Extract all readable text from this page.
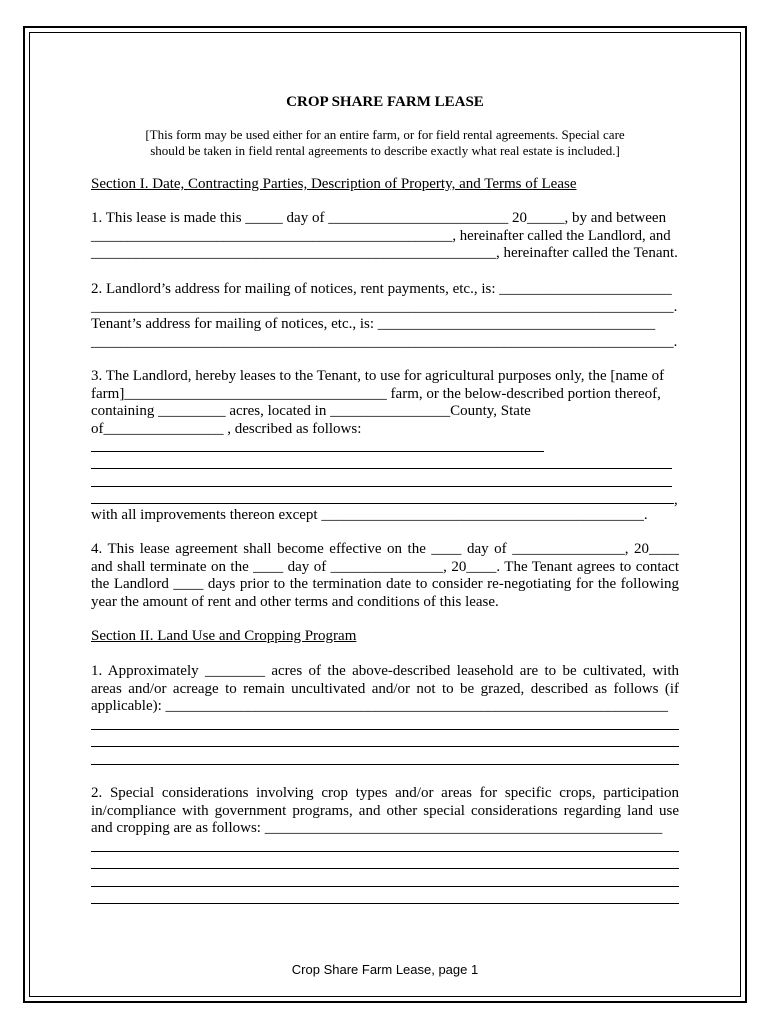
CROP SHARE FARM LEASE
[This form may be used either for an entire farm, or for field rental agreements. Special care
should be taken in field rental agreements to describe exactly what real estate is included.]
Section I. Date, Contracting Parties, Description of Property, and Terms of Lease
1. This lease is made this _____ day of ________________________ 20_____, by and between
_________________________________________________, hereinafter called the Landlord, and
______________________________________________________, hereinafter called the Tenant.
2. Landlord’s address for mailing of notices, rent payments, etc., is: _______________________
_______________________________________________________________________________.
Tenant’s address for mailing of notices, etc., is: _____________________________________
_______________________________________________________________________________.
3. The Landlord, hereby leases to the Tenant, to use for agricultural purposes only, the [name of
farm]___________________________________ farm, or the below-described portion thereof,
containing _________ acres, located in ________________County, State
of________________ , described as follows:
,
with all improvements thereon except ___________________________________________.
4. This lease agreement shall become effective on the ____ day of _______________, 20____ and shall terminate on the ____ day of _______________, 20____. The Tenant agrees to contact the Landlord ____ days prior to the termination date to consider re-negotiating for the following year the amount of rent and other terms and conditions of this lease.
Section II. Land Use and Cropping Program
1. Approximately ________ acres of the above-described leasehold are to be cultivated, with areas and/or acreage to remain uncultivated and/or not to be grazed, described as follows (if applicable): ___________________________________________________________________
2. Special considerations involving crop types and/or areas for specific crops, participation in/compliance with government programs, and other special considerations regarding land use and cropping are as follows: _____________________________________________________
Crop Share Farm Lease, page 1
